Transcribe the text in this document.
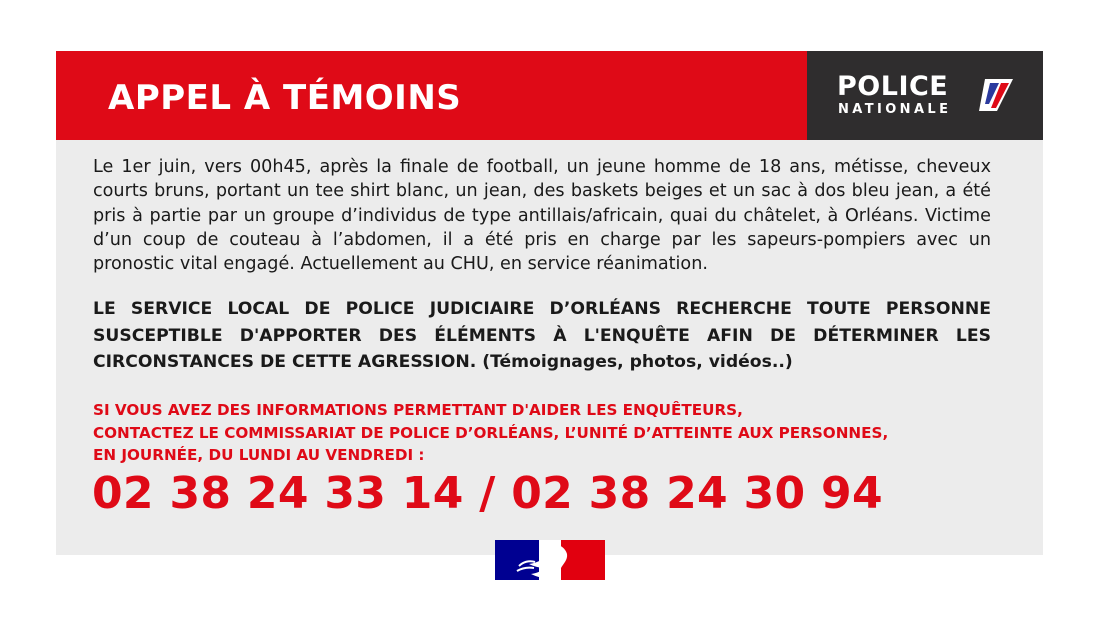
APPEL À TÉMOINS	POLICE
NATIONALE

Le 1er juin, vers 00h45, après la finale de football, un jeune homme de 18 ans, métisse, cheveux courts bruns, portant un tee shirt blanc, un jean, des baskets beiges et un sac à dos bleu jean, a été pris à partie par un groupe d’individus de type antillais/africain, quai du châtelet, à Orléans. Victime d’un coup de couteau à l’abdomen, il a été pris en charge par les sapeurs-pompiers avec un pronostic vital engagé. Actuellement au CHU, en service réanimation.

LE SERVICE LOCAL DE POLICE JUDICIAIRE D’ORLÉANS RECHERCHE TOUTE PERSONNE SUSCEPTIBLE D'APPORTER DES ÉLÉMENTS À L'ENQUÊTE AFIN DE DÉTERMINER LES CIRCONSTANCES DE CETTE AGRESSION. (Témoignages, photos, vidéos..)

SI VOUS AVEZ DES INFORMATIONS PERMETTANT D'AIDER LES ENQUÊTEURS,
CONTACTEZ LE COMMISSARIAT DE POLICE D’ORLÉANS, L’UNITÉ D’ATTEINTE AUX PERSONNES,
EN JOURNÉE, DU LUNDI AU VENDREDI :
02 38 24 33 14 / 02 38 24 30 94
